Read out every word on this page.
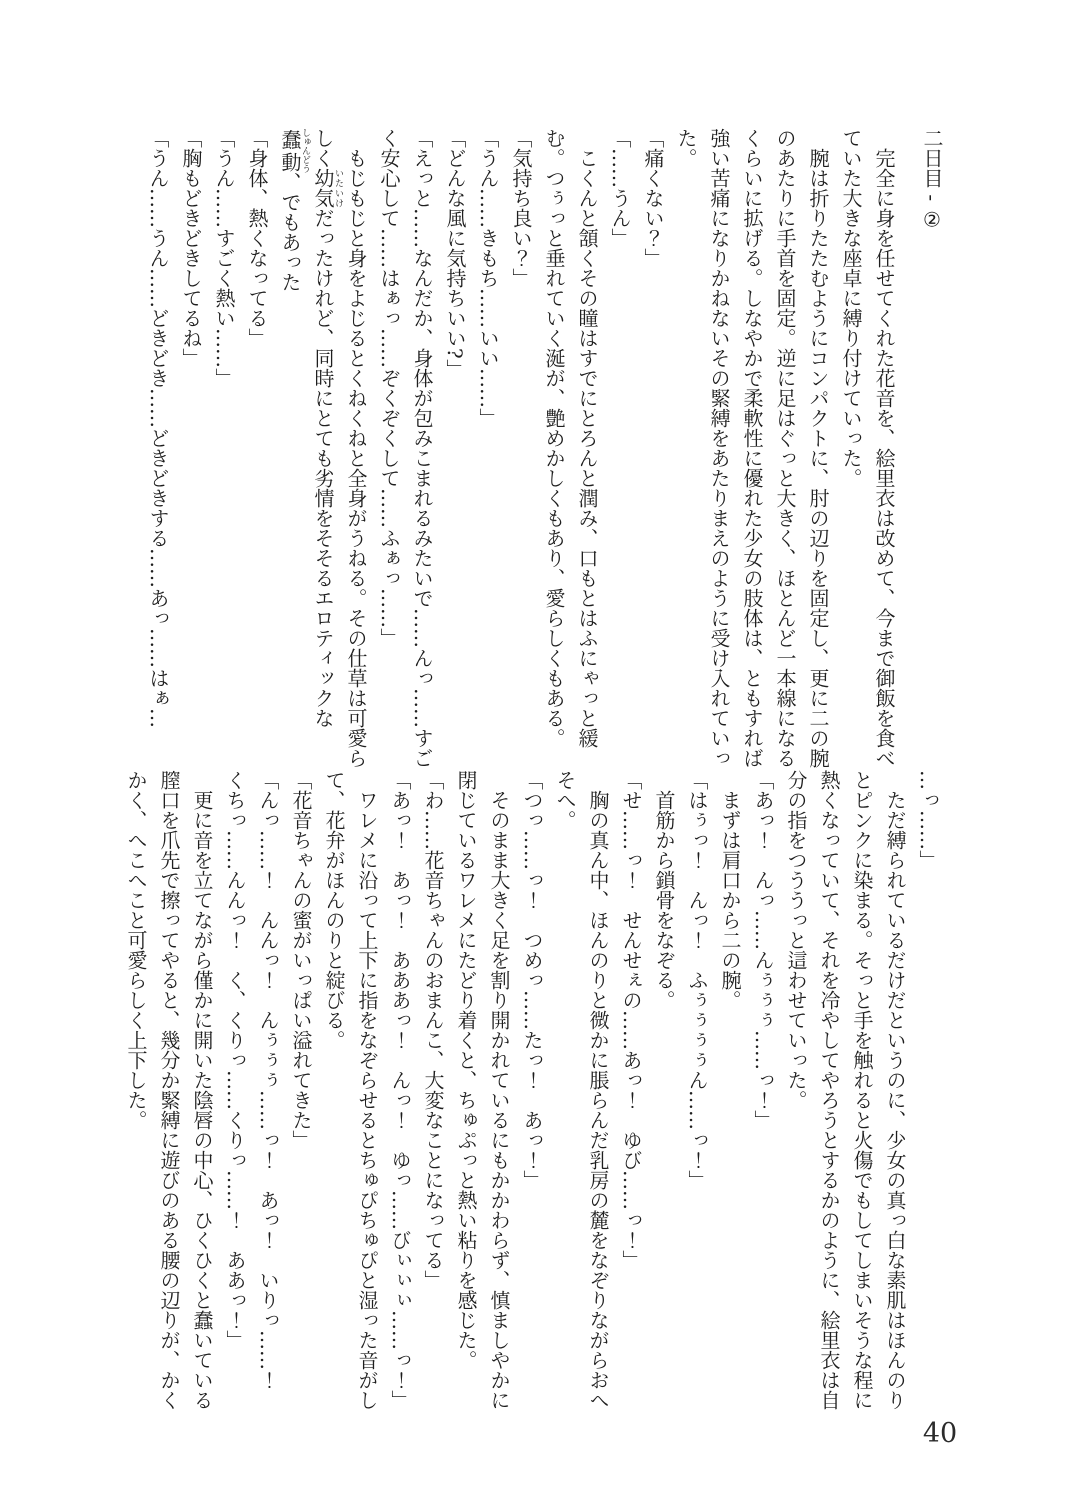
二日目 - ②

完全に身を任せてくれた花音を、絵里衣は改めて、今まで御飯を食べていた大きな座卓に縛り付けていった。

腕は折りたたむようにコンパクトに、肘の辺りを固定し、更に二の腕のあたりに手首を固定。逆に足はぐっと大きく、ほとんど一本線になるくらいに拡げる。しなやかで柔軟性に優れた少女の肢体は、ともすれば強い苦痛になりかねないその緊縛をあたりまえのように受け入れていった。

「痛くない？」

「……うん」

こくんと頷くその瞳はすでにとろんと潤み、口もとはふにゃっと緩む。つぅっと垂れていく涎が、艶めかしくもあり、愛らしくもある。

「気持ち良い？」

「うん……きもち……いい……」

「どんな風に気持ちいい?」

「えっと……なんだか、身体が包みこまれるみたいで……んっ……すごく安心して……はぁっ……ぞくぞくして……ふぁっ……」

もじもじと身をよじるとくねくねと全身がうねる。その仕草は可愛らしく幼気いたいけだったけれど、同時にとても劣情をそそるエロティックな蠢動しゅんどう、でもあった

「身体、熱くなってる」

「うん……すごく熱い……」

「胸もどきどきしてるね」

「うん……うん……どきどき……どきどきする……あっ……はぁ…

…っ……」

ただ縛られているだけだというのに、少女の真っ白な素肌はほんのりとピンクに染まる。そっと手を触れると火傷でもしてしまいそうな程に熱くなっていて、それを冷やしてやろうとするかのように、絵里衣は自分の指をつううっと這わせていった。

「あっ！　んっ……んぅぅぅ……っ！」

まずは肩口から二の腕。

「はぅっ！　んっ！　ふぅぅぅぅん……っ！」

首筋から鎖骨をなぞる。

「せ……っ！　せんせぇの……あっ！　ゆび……っ！」

胸の真ん中、ほんのりと微かに脹らんだ乳房の麓をなぞりながらおへそへ。

「つっ……っ！　つめっ……たっ！　あっ！」

そのまま大きく足を割り開かれているにもかかわらず、慎ましやかに閉じているワレメにたどり着くと、ちゅぷっと熱い粘りを感じた。

「わ……花音ちゃんのおまんこ、大変なことになってる」

「あっ！　あっ！　あああっ！　んっ！　ゆっ……びぃぃぃ……っ！」

ワレメに沿って上下に指をなぞらせるとちゅぴちゅぴと湿った音がして、花弁がほんのりと綻びる。

「花音ちゃんの蜜がいっぱい溢れてきた」

「んっ……！　んんっ！　んぅぅぅ……っ！　あっ！　いりっ……！　くちっ……んんっ！　く、くりっ……くりっ……！　ああっ！」

更に音を立てながら僅かに開いた陰唇の中心、ひくひくと蠢いている膣口を爪先で擦ってやると、幾分か緊縛に遊びのある腰の辺りが、かくかく、へこへこと可愛らしく上下した。

40
